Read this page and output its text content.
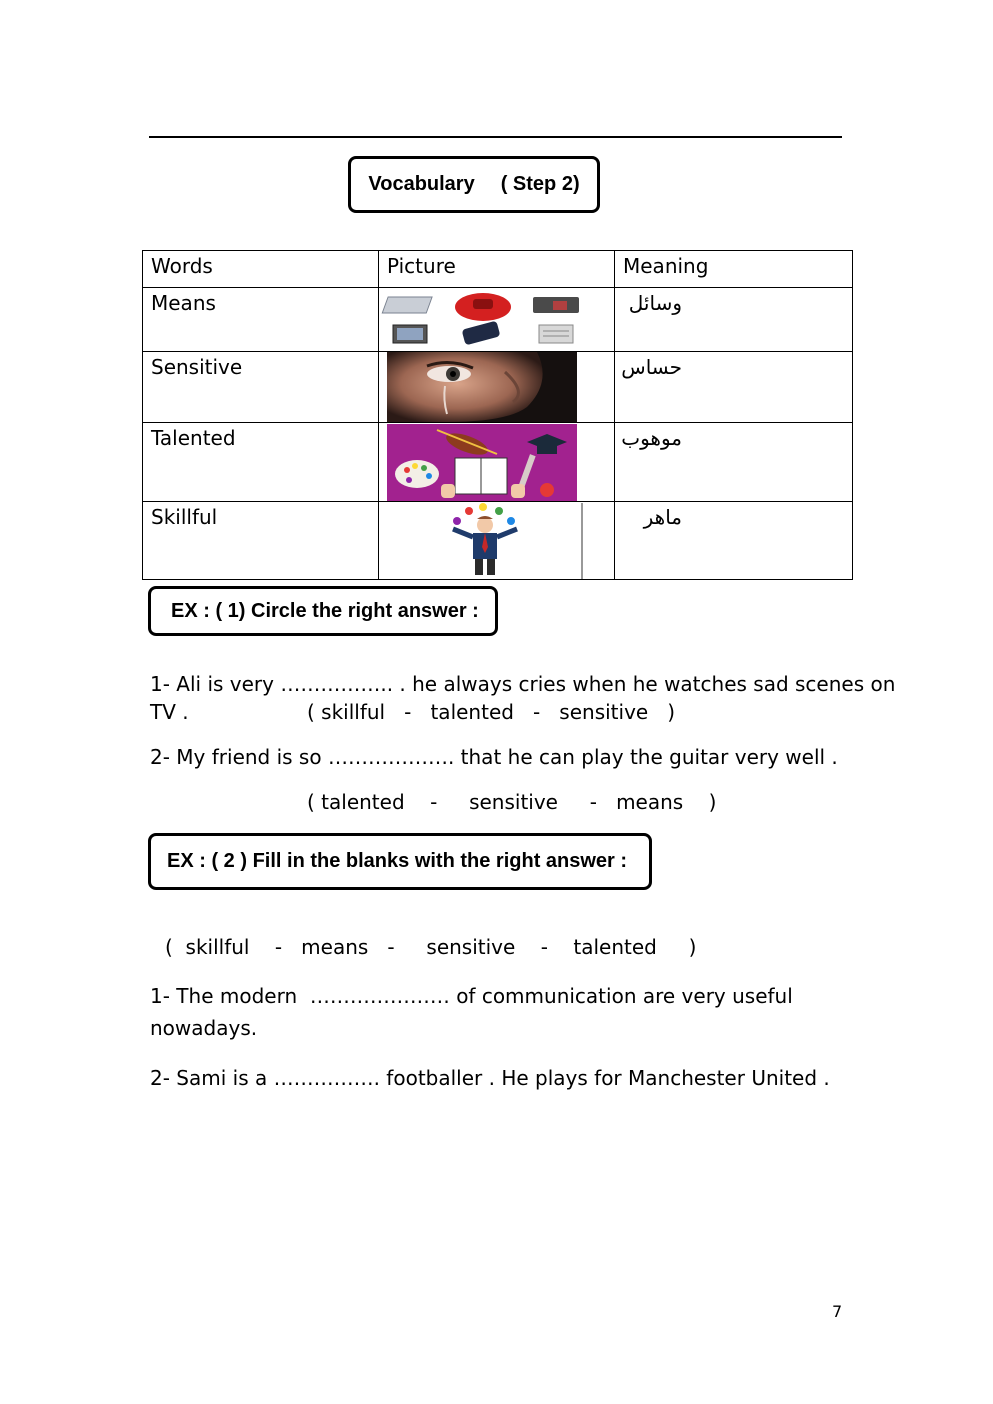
Vocabulary ( Step 2)
Words	Picture	Meaning
Means		وسائل
Sensitive		حساس
Talented		موهوب
Skillful		ماهر
EX : ( 1) Circle the right answer :
1- Ali is very …………….. . he always cries when he watches sad scenes on
TV .	( skillful   -   talented   -   sensitive   )
2- My friend is so ………………. that he can play the guitar very well .
( talented    -     sensitive     -   means    )
EX : ( 2 ) Fill in the blanks with the right answer :
(  skillful    -   means   -     sensitive    -    talented     )
1- The modern  ………………… of communication are very useful
nowadays.
2- Sami is a ……………. footballer . He plays for Manchester United .
7
